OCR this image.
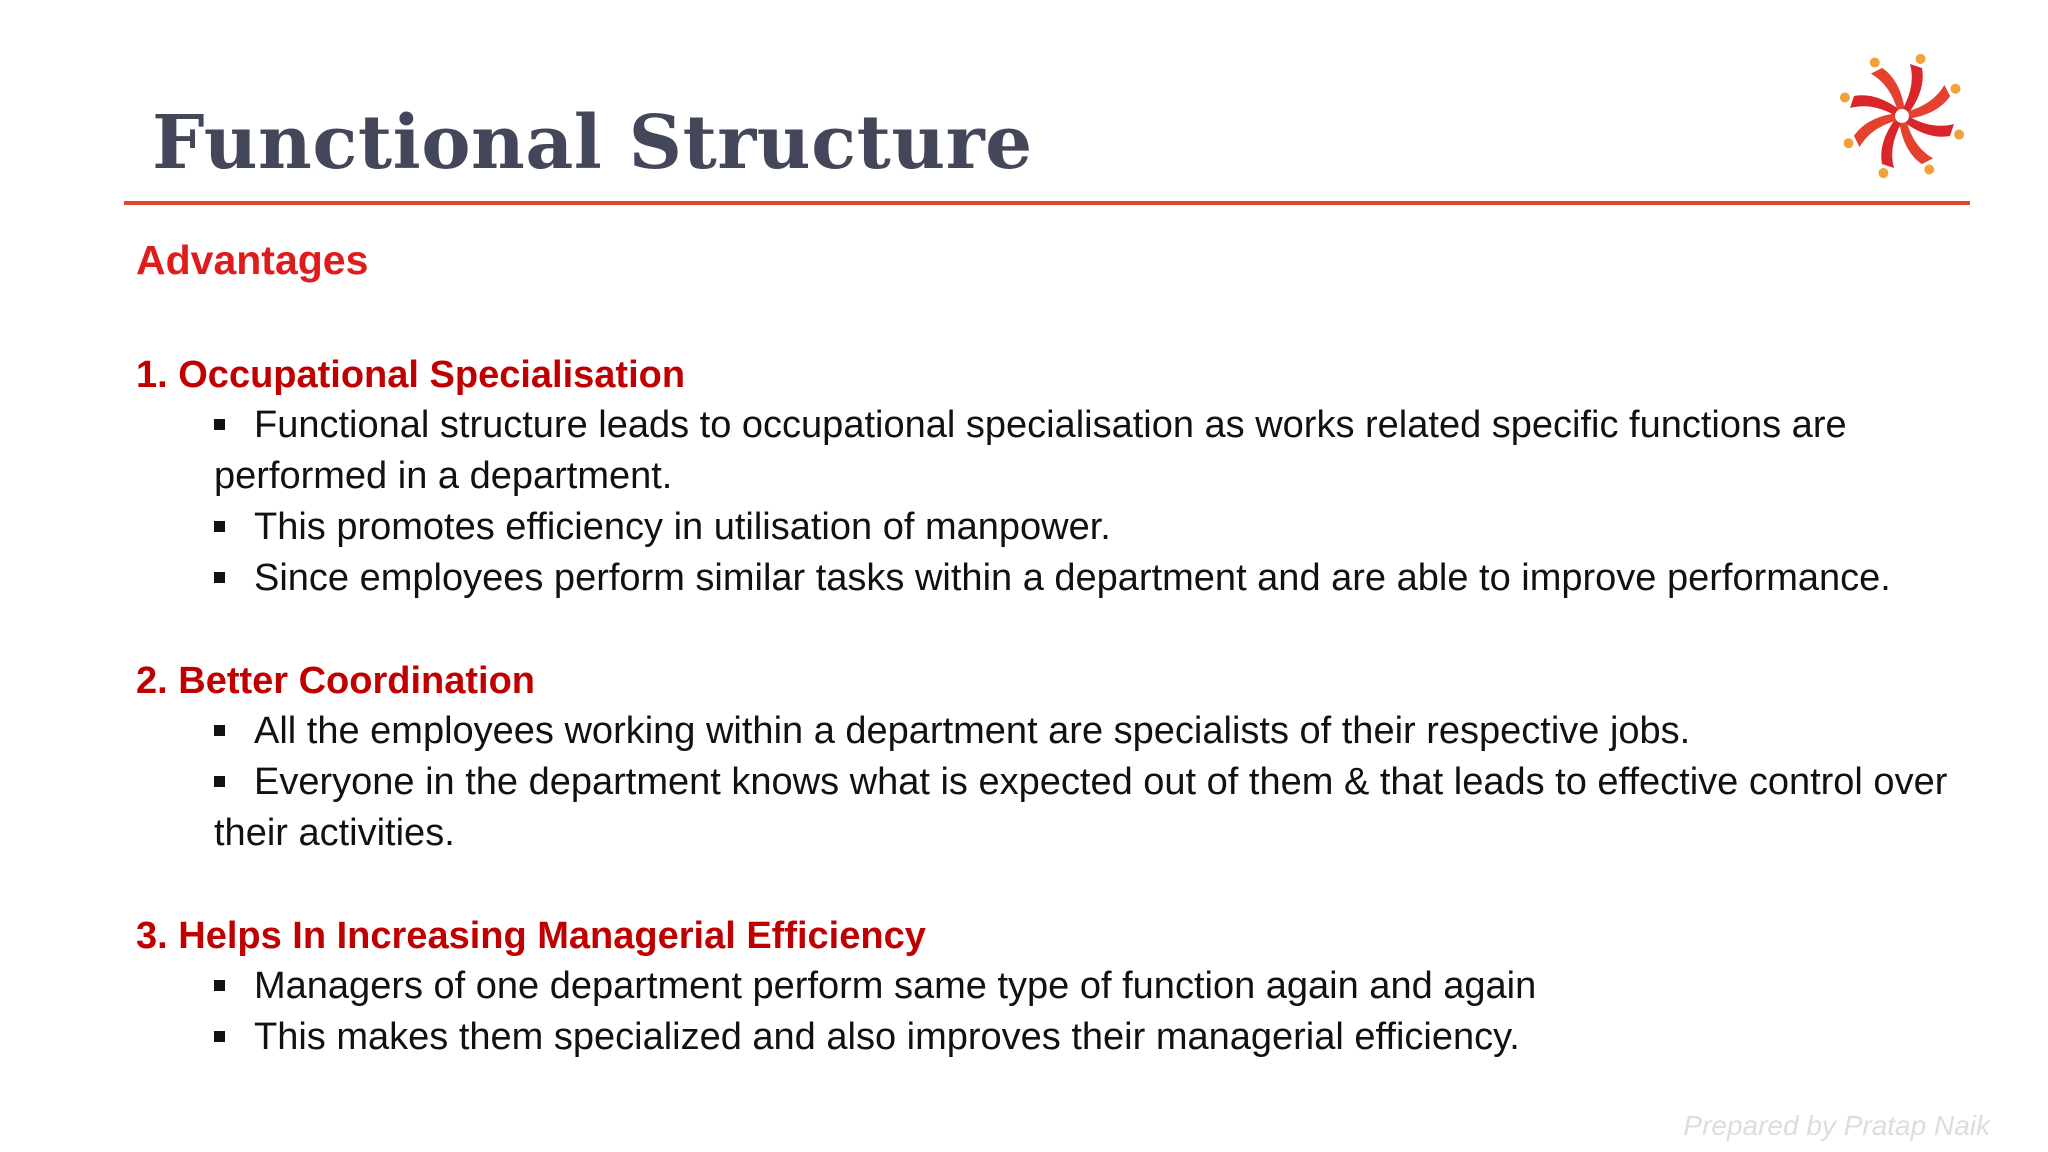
Functional Structure
Advantages
1. Occupational Specialisation
Functional structure leads to occupational specialisation as works related specific functions are performed in a department.
This promotes efficiency in utilisation of manpower.
Since employees perform similar tasks within a department and are able to improve performance.
2. Better Coordination
All the employees working within a department are specialists of their respective jobs.
Everyone in the department knows what is expected out of them & that leads to effective control over their activities.
3. Helps In Increasing Managerial Efficiency
Managers of one department perform same type of function again and again
This makes them specialized and also improves their managerial efficiency.
Prepared by Pratap Naik
